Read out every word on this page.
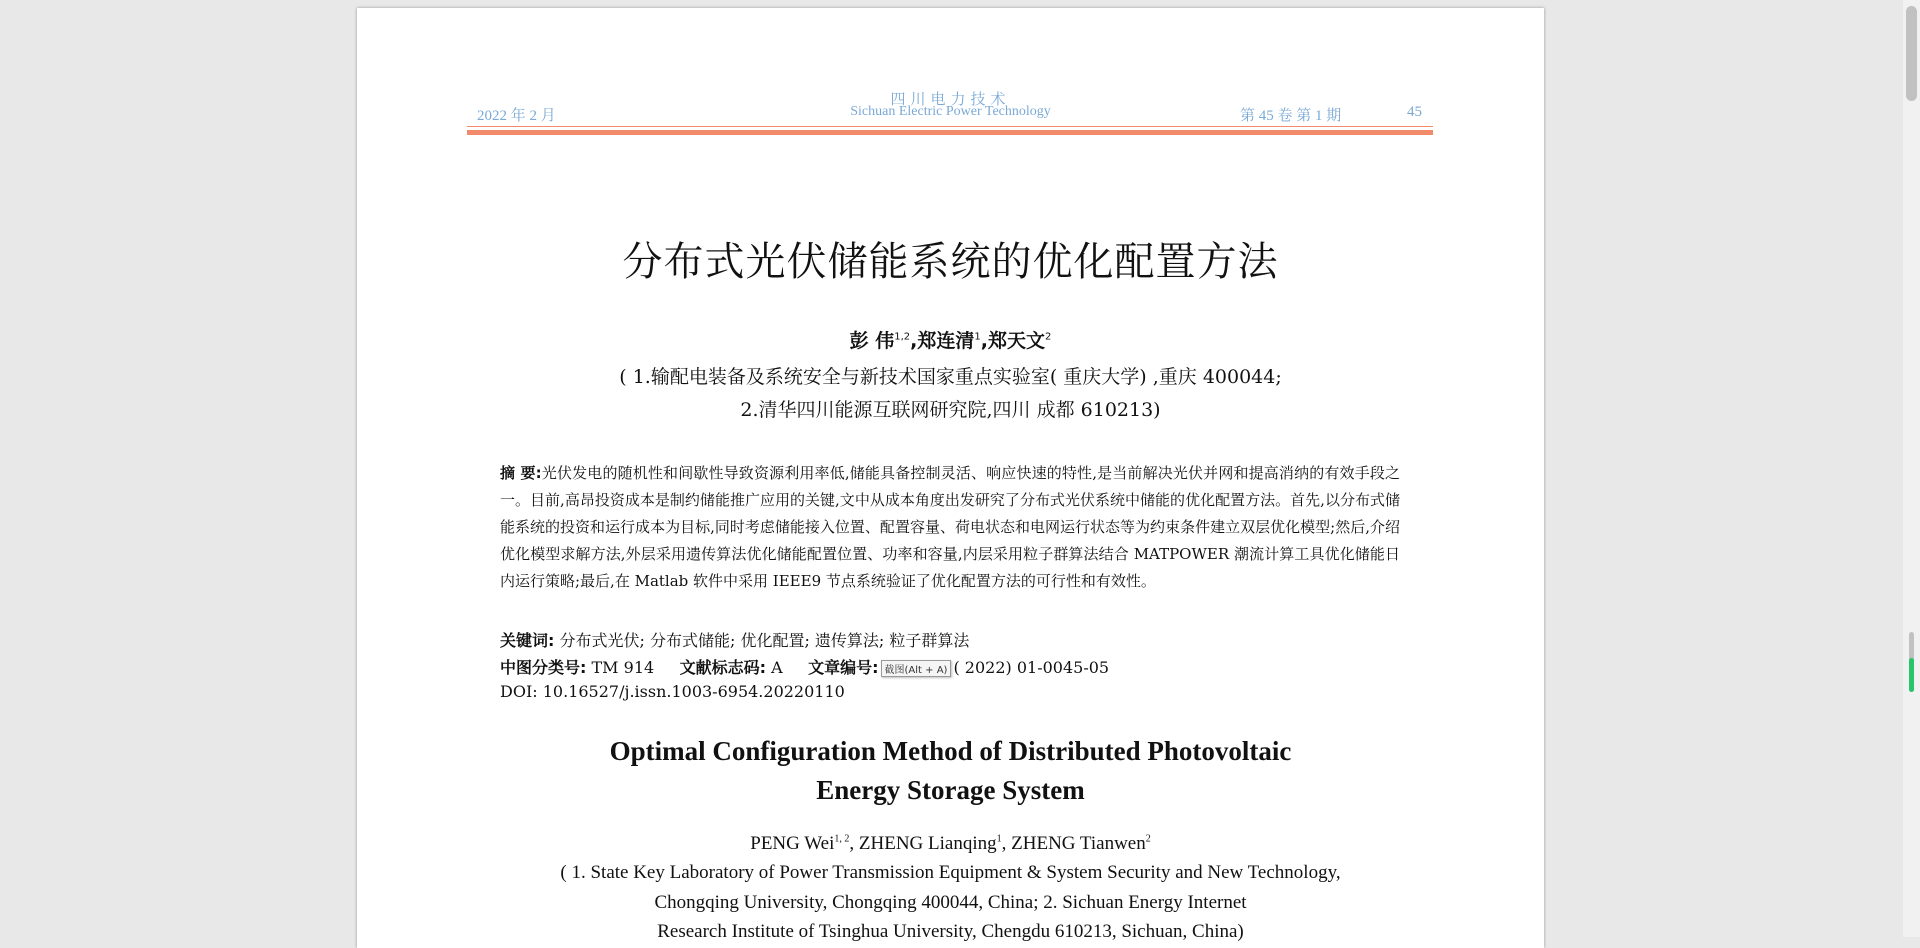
2022 年 2 月
四川电力技术
Sichuan Electric Power Technology	第 45 卷 第 1 期	45
分布式光伏储能系统的优化配置方法
彭 伟$^{1,2}$,郑连清$^1$,郑天文$^2$
( 1.输配电装备及系统安全与新技术国家重点实验室( 重庆大学) ,重庆 400044;
2.清华四川能源互联网研究院,四川 成都 610213)
摘 要:光伏发电的随机性和间歇性导致资源利用率低,储能具备控制灵活、响应快速的特性,是当前解决光伏并网和提高消纳的有效手段之一。目前,高昂投资成本是制约储能推广应用的关键,文中从成本角度出发研究了分布式光伏系统中储能的优化配置方法。首先,以分布式储能系统的投资和运行成本为目标,同时考虑储能接入位置、配置容量、荷电状态和电网运行状态等为约束条件建立双层优化模型;然后,介绍优化模型求解方法,外层采用遗传算法优化储能配置位置、功率和容量,内层采用粒子群算法结合 MATPOWER 潮流计算工具优化储能日内运行策略;最后,在 Matlab 软件中采用 IEEE9 节点系统验证了优化配置方法的可行性和有效性。
关键词: 分布式光伏; 分布式储能; 优化配置; 遗传算法; 粒子群算法
中图分类号: TM 914 文献标志码: A 文章编号: 截图(Alt + A) ( 2022) 01-0045-05
DOI: 10.16527/j.issn.1003-6954.20220110
Optimal Configuration Method of Distributed Photovoltaic
Energy Storage System
PENG Wei$^{1, 2}$, ZHENG Lianqing$^1$, ZHENG Tianwen$^2$
( 1. State Key Laboratory of Power Transmission Equipment & System Security and New Technology,
Chongqing University, Chongqing 400044, China; 2. Sichuan Energy Internet
Research Institute of Tsinghua University, Chengdu 610213, Sichuan, China)
